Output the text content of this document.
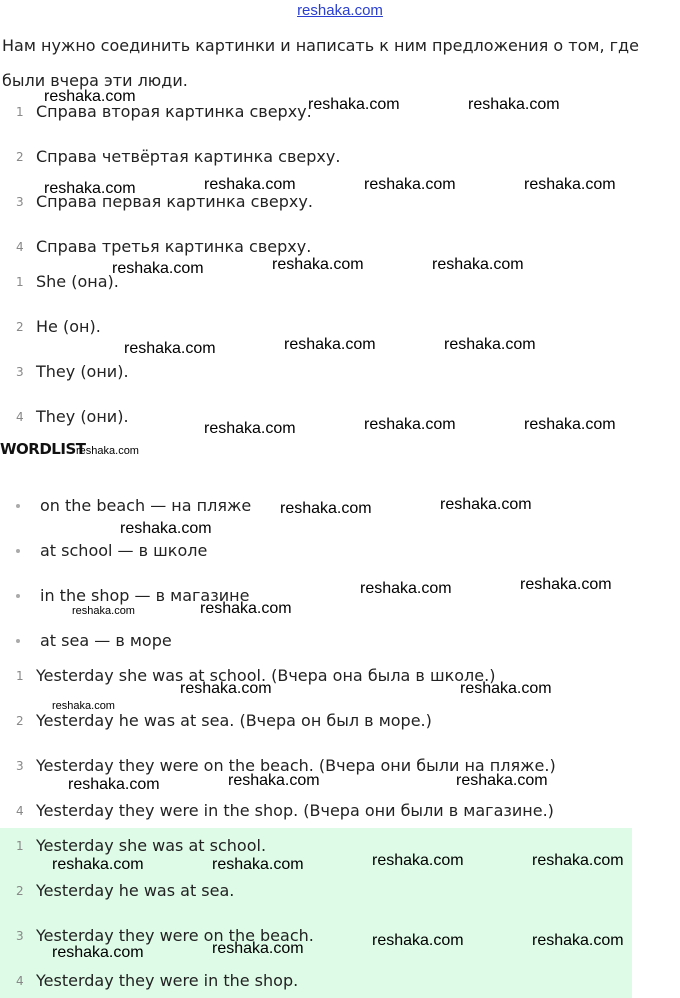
reshaka.com
Нам нужно соединить картинки и написать к ним предложения о том, где были вчера эти люди.
1 Справа вторая картинка сверху.
2 Справа четвёртая картинка сверху.
3 Справа первая картинка сверху.
4 Справа третья картинка сверху.
1 She (она).
2 He (он).
3 They (они).
4 They (они).
WORDLIST
on the beach — на пляже
at school — в школе
in the shop — в магазине
at sea — в море
1 Yesterday she was at school. (Вчера она была в школе.)
2 Yesterday he was at sea. (Вчера он был в море.)
3 Yesterday they were on the beach. (Вчера они были на пляже.)
4 Yesterday they were in the shop. (Вчера они были в магазине.)
1 Yesterday she was at school.
2 Yesterday he was at sea.
3 Yesterday they were on the beach.
4 Yesterday they were in the shop.
reshaka.com	reshaka.com	reshaka.com
reshaka.com	reshaka.com	reshaka.com	reshaka.com
reshaka.com	reshaka.com	reshaka.com
reshaka.com	reshaka.com	reshaka.com
reshaka.com	reshaka.com	reshaka.com
reshaka.com
reshaka.com	reshaka.com
reshaka.com
reshaka.com	reshaka.com
reshaka.com	reshaka.com
reshaka.com	reshaka.com
reshaka.com
reshaka.com	reshaka.com	reshaka.com
reshaka.com	reshaka.com	reshaka.com	reshaka.com
reshaka.com	reshaka.com	reshaka.com	reshaka.com
